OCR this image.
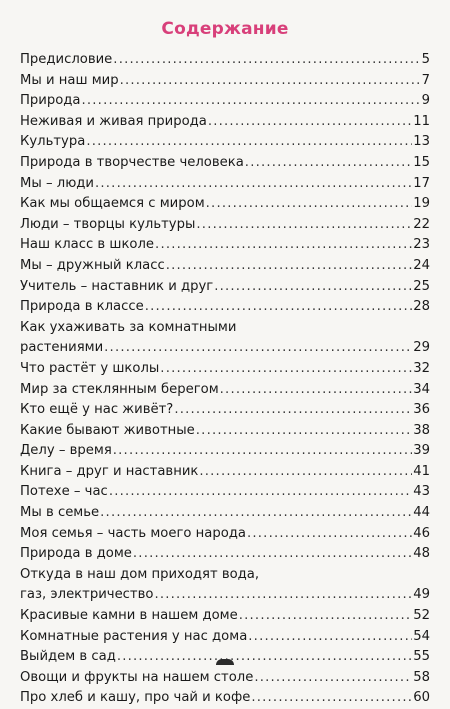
Содержание
Предисловие .....	5
Мы и наш мир .....	7
Природа .....	9
Неживая и живая природа .....	11
Культура .....	13
Природа в творчестве человека .....	15
Мы – люди .....	17
Как мы общаемся с миром .....	19
Люди – творцы культуры .....	22
Наш класс в школе .....	23
Мы – дружный класс .....	24
Учитель – наставник и друг .....	25
Природа в классе .....	28
Как ухаживать за комнатными
растениями .....	29
Что растёт у школы .....	32
Мир за стеклянным берегом .....	34
Кто ещё у нас живёт? .....	36
Какие бывают животные .....	38
Делу – время .....	39
Книга – друг и наставник .....	41
Потехе – час .....	43
Мы в семье .....	44
Моя семья – часть моего народа .....	46
Природа в доме .....	48
Откуда в наш дом приходят вода,
газ, электричество .....	49
Красивые камни в нашем доме .....	52
Комнатные растения у нас дома .....	54
Выйдем в сад .....	55
Овощи и фрукты на нашем столе .....	58
Про хлеб и кашу, про чай и кофе .....	60
